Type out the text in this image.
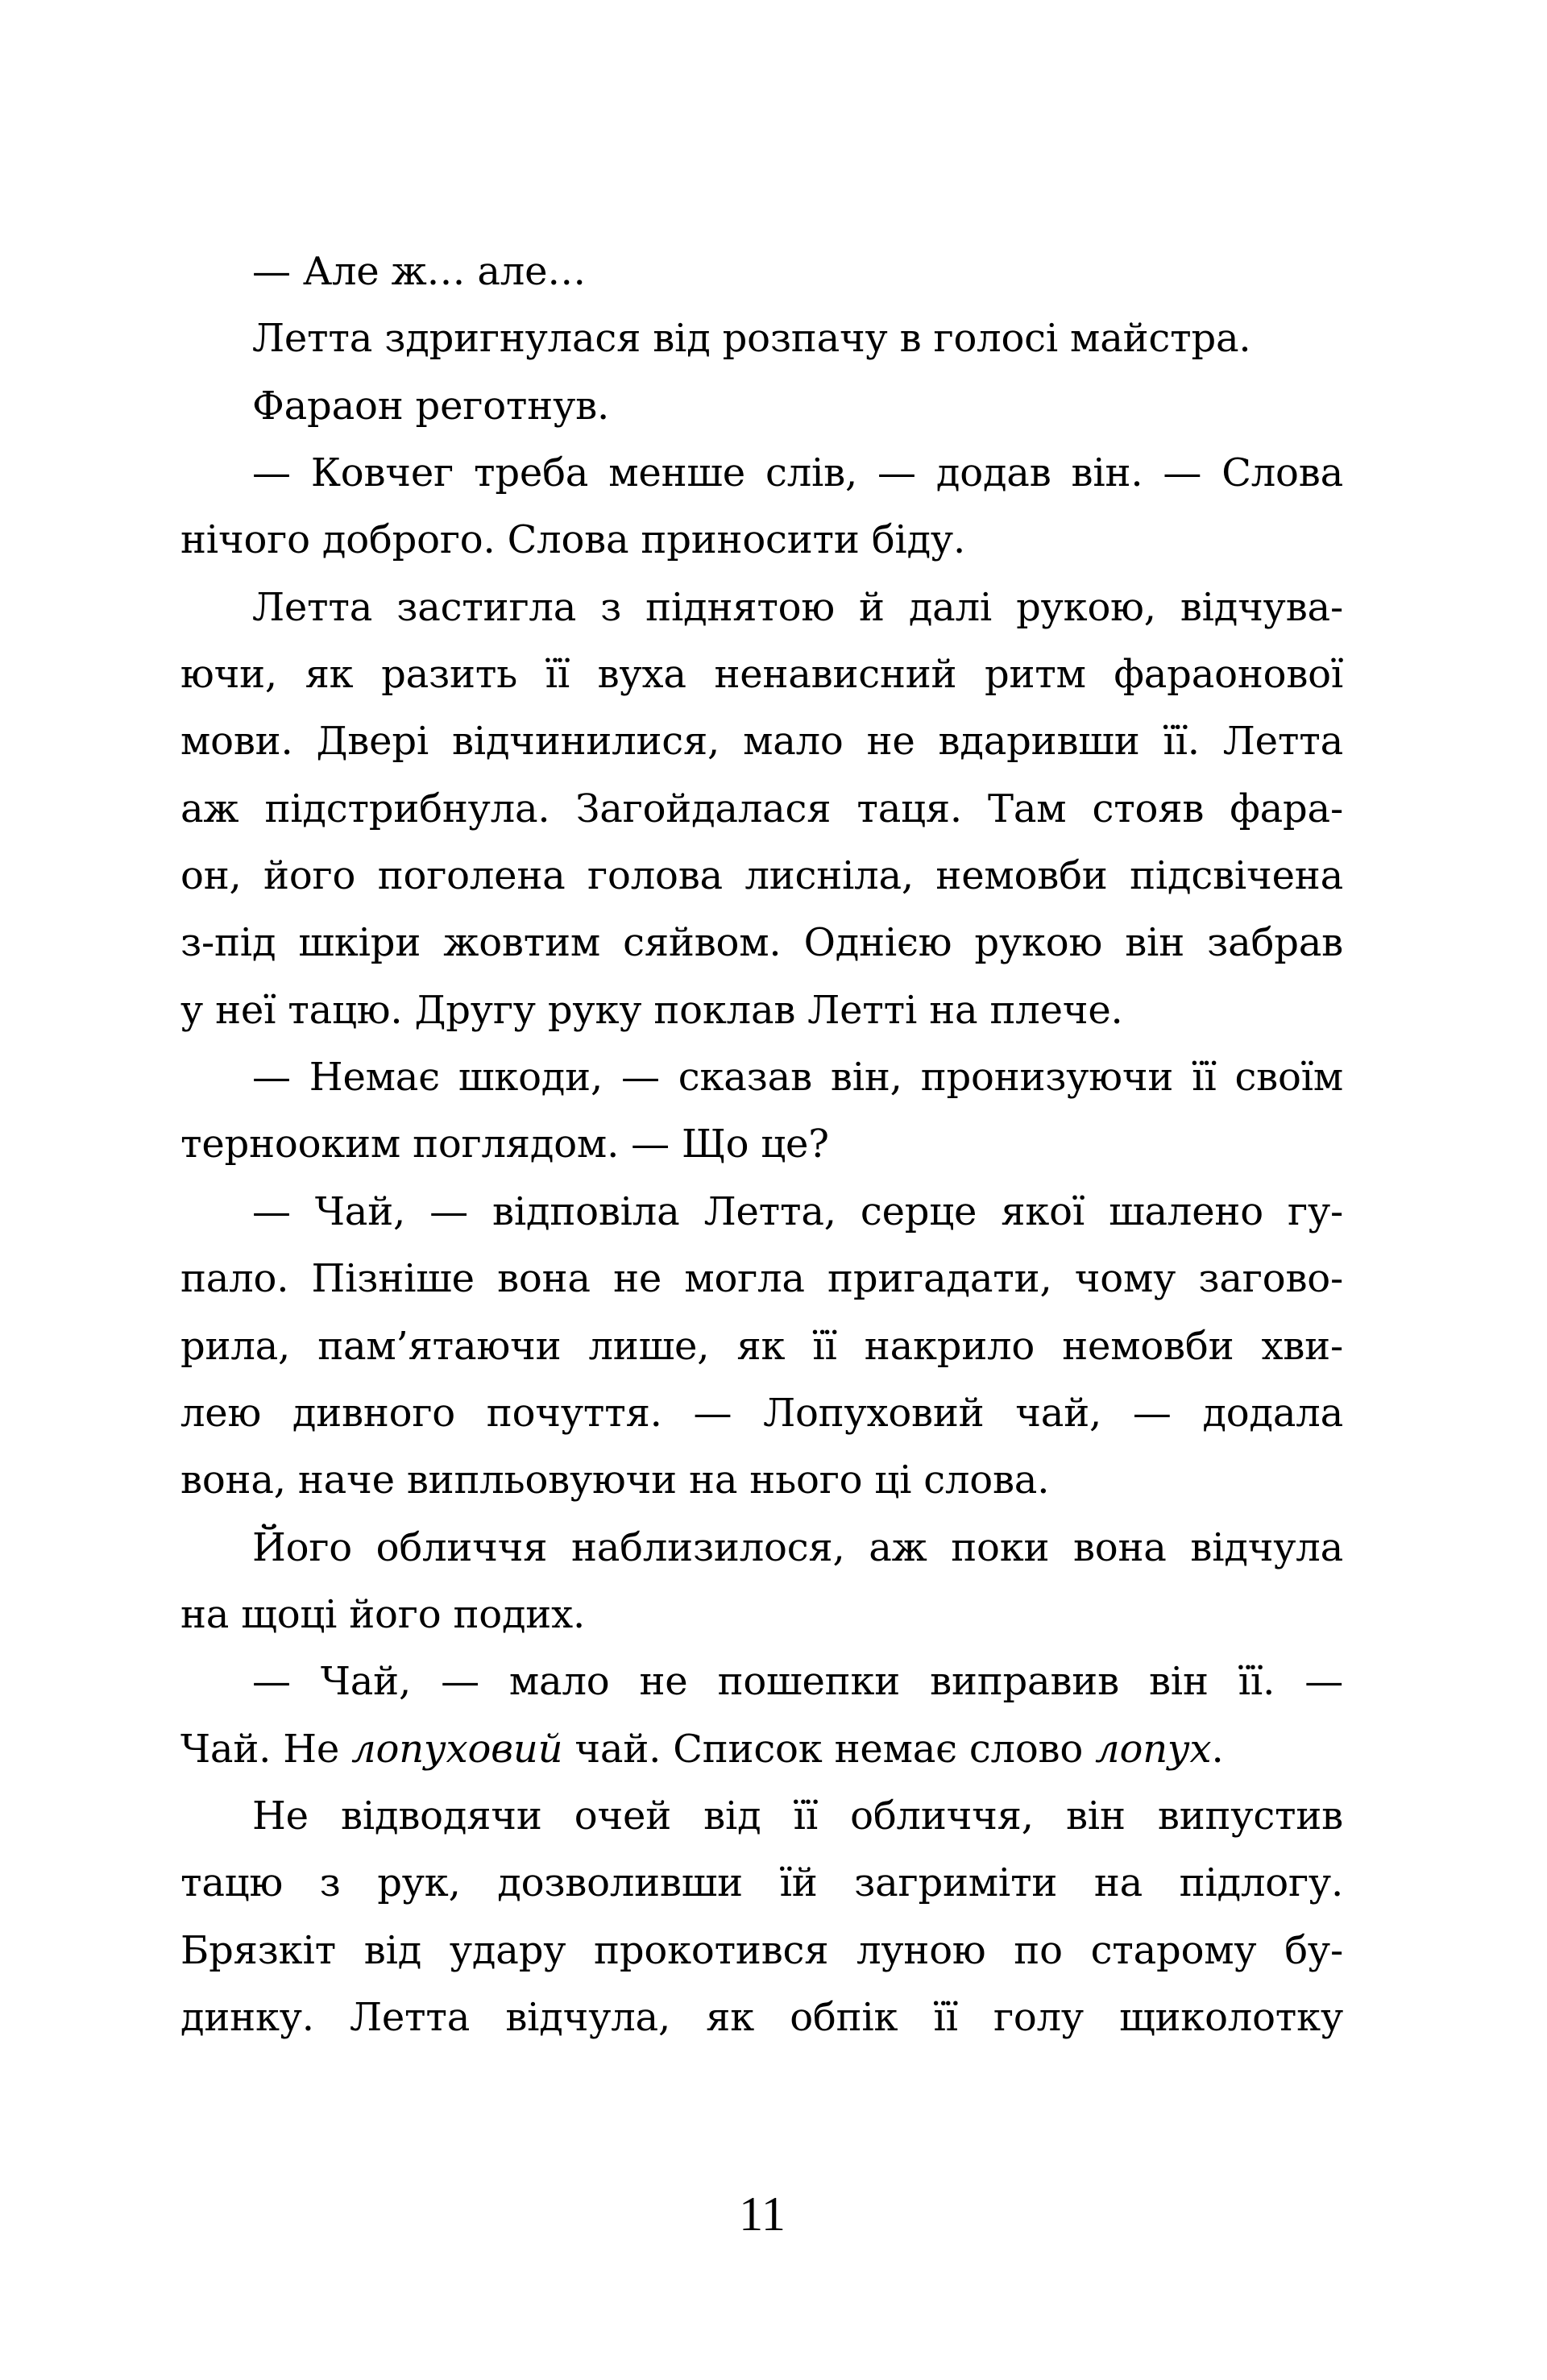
— Але ж… але…
Летта здригнулася від розпачу в голосі майстра.
Фараон реготнув.
— Ковчег треба менше слів, — додав він. — Слова
нічого доброго. Слова приносити біду.
Летта застигла з піднятою й далі рукою, відчува-
ючи, як разить її вуха ненависний ритм фараонової
мови. Двері відчинилися, мало не вдаривши її. Летта
аж підстрибнула. Загойдалася таця. Там стояв фара-
он, його поголена голова лисніла, немовби підсвічена
з-під шкіри жовтим сяйвом. Однією рукою він забрав
у неї тацю. Другу руку поклав Летті на плече.
— Немає шкоди, — сказав він, пронизуючи її своїм
тернооким поглядом. — Що це?
— Чай, — відповіла Летта, серце якої шалено гу-
пало. Пізніше вона не могла пригадати, чому загово-
рила, пам’ятаючи лише, як її накрило немовби хви-
лею дивного почуття. — Лопуховий чай, — додала
вона, наче випльовуючи на нього ці слова.
Його обличчя наблизилося, аж поки вона відчула
на щоці його подих.
— Чай, — мало не пошепки виправив він її. —
Чай. Не лопуховий чай. Список немає слово лопух.
Не відводячи очей від її обличчя, він випустив
тацю з рук, дозволивши їй загриміти на підлогу.
Брязкіт від удару прокотився луною по старому бу-
динку. Летта відчула, як обпік її голу щиколотку
11
